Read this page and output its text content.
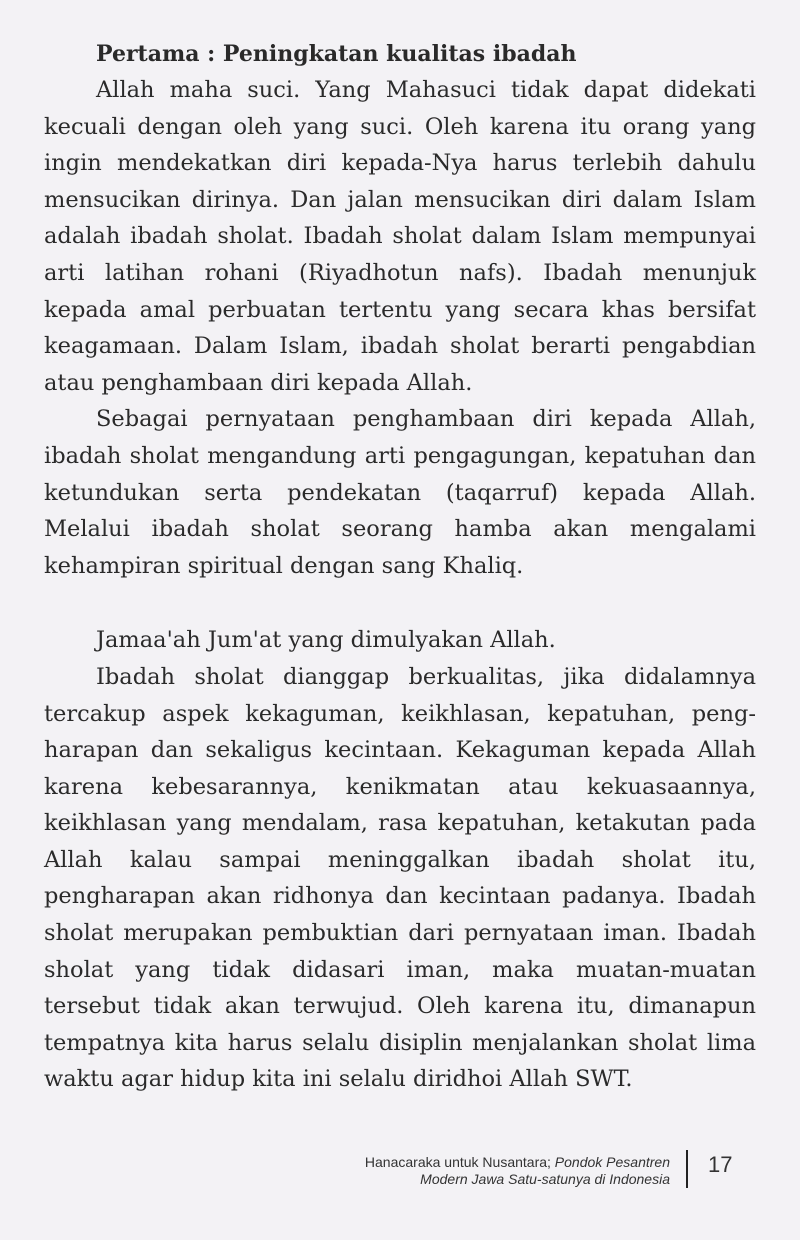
Pertama : Peningkatan kualitas ibadah

Allah maha suci. Yang Mahasuci tidak dapat didekati kecuali dengan oleh yang suci. Oleh karena itu orang yang ingin mendekatkan diri kepada-Nya harus terlebih dahulu mensucikan dirinya. Dan jalan mensucikan diri dalam Islam adalah ibadah sholat. Ibadah sholat dalam Islam mempunyai arti latihan rohani (Riyadhotun nafs). Ibadah menunjuk kepada amal perbuatan tertentu yang secara khas bersifat keagamaan. Dalam Islam, ibadah sholat berarti pengabdian atau penghambaan diri kepada Allah.

Sebagai pernyataan penghambaan diri kepada Allah, ibadah sholat mengandung arti pengagungan, kepatuhan dan ketundukan serta pendekatan (taqarruf) kepada Allah. Melalui ibadah sholat seorang hamba akan mengalami kehampiran spiritual dengan sang Khaliq.

Jamaa'ah Jum'at yang dimulyakan Allah.

Ibadah sholat dianggap berkualitas, jika didalamnya tercakup aspek kekaguman, keikhlasan, kepatuhan, pengharapan dan sekaligus kecintaan. Kekaguman kepada Allah karena kebesarannya, kenikmatan atau kekuasaannya, keikhlasan yang mendalam, rasa kepatuhan, ketakutan pada Allah kalau sampai meninggalkan ibadah sholat itu, pengharapan akan ridhonya dan kecintaan padanya. Ibadah sholat merupakan pembuktian dari pernyataan iman. Ibadah sholat yang tidak didasari iman, maka muatan-muatan tersebut tidak akan terwujud. Oleh karena itu, dimanapun tempatnya kita harus selalu disiplin menjalankan sholat lima waktu agar hidup kita ini selalu diridhoi Allah SWT.

Hanacaraka untuk Nusantara; Pondok Pesantren
Modern Jawa Satu-satunya di Indonesia
17
